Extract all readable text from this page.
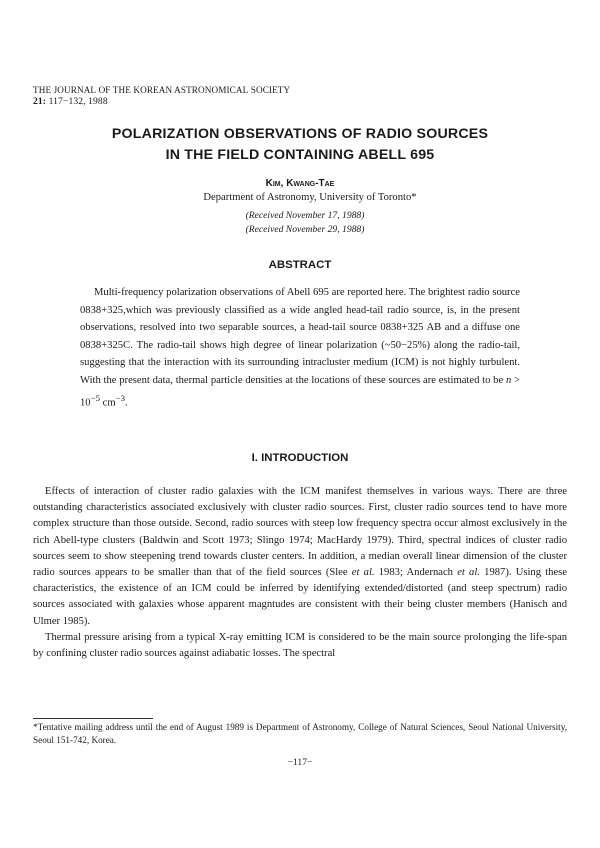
THE JOURNAL OF THE KOREAN ASTRONOMICAL SOCIETY
21: 117−132, 1988
POLARIZATION OBSERVATIONS OF RADIO SOURCES
IN THE FIELD CONTAINING ABELL 695
Kim, Kwang-Tae
Department of Astronomy, University of Toronto*
(Received November 17, 1988)
(Received November 29, 1988)
ABSTRACT

Multi-frequency polarization observations of Abell 695 are reported here. The brightest radio source 0838+325,which was previously classified as a wide angled head-tail radio source, is, in the present observations, resolved into two separable sources, a head-tail source 0838+325 AB and a diffuse one 0838+325C. The radio-tail shows high degree of linear polarization (~50−25%) along the radio-tail, suggesting that the interaction with its surrounding intracluster medium (ICM) is not highly turbulent. With the present data, thermal particle densities at the locations of these sources are estimated to be $n > 10^{-5}$ $cm^{-3}$.

I. INTRODUCTION

Effects of interaction of cluster radio galaxies with the ICM manifest themselves in various ways. There are three outstanding characteristics associated exclusively with cluster radio sources. First, cluster radio sources tend to have more complex structure than those outside. Second, radio sources with steep low frequency spectra occur almost exclusively in the rich Abell-type clusters (Baldwin and Scott 1973; Slingo 1974; MacHardy 1979). Third, spectral indices of cluster radio sources seem to show steepening trend towards cluster centers. In addition, a median overall linear dimension of the cluster radio sources appears to be smaller than that of the field sources (Slee et al. 1983; Andernach et al. 1987). Using these characteristics, the existence of an ICM could be inferred by identifying extended/distorted (and steep spectrum) radio sources associated with galaxies whose apparent magntudes are consistent with their being cluster members (Hanisch and Ulmer 1985).

Thermal pressure arising from a typical X-ray emitting ICM is considered to be the main source prolonging the life-span by confining cluster radio sources against adiabatic losses. The spectral

*Tentative mailing address until the end of August 1989 is Department of Astronomy, College of Natural Sciences, Seoul National University, Seoul 151-742, Korea.
−117−
